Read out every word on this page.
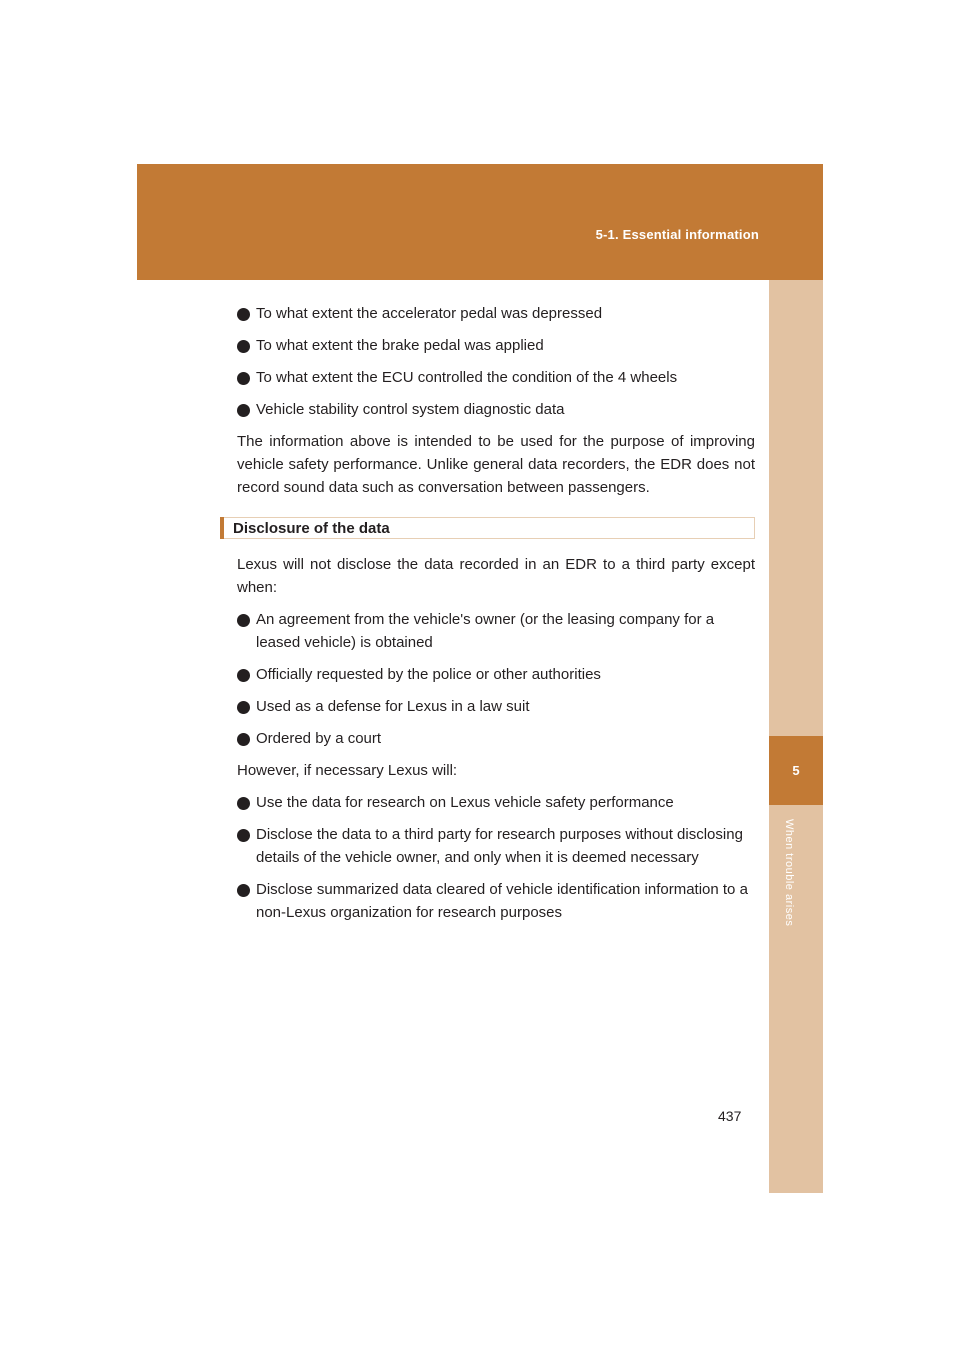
5-1. Essential information
5
When trouble arises
To what extent the accelerator pedal was depressed
To what extent the brake pedal was applied
To what extent the ECU controlled the condition of the 4 wheels
Vehicle stability control system diagnostic data

The information above is intended to be used for the purpose of improving vehicle safety performance. Unlike general data recorders, the EDR does not record sound data such as conversation between passengers.

Disclosure of the data

Lexus will not disclose the data recorded in an EDR to a third party except when:

An agreement from the vehicle's owner (or the leasing company for a leased vehicle) is obtained
Officially requested by the police or other authorities
Used as a defense for Lexus in a law suit
Ordered by a court

However, if necessary Lexus will:

Use the data for research on Lexus vehicle safety performance
Disclose the data to a third party for research purposes without disclosing details of the vehicle owner, and only when it is deemed necessary
Disclose summarized data cleared of vehicle identification information to a non-Lexus organization for research purposes
437
